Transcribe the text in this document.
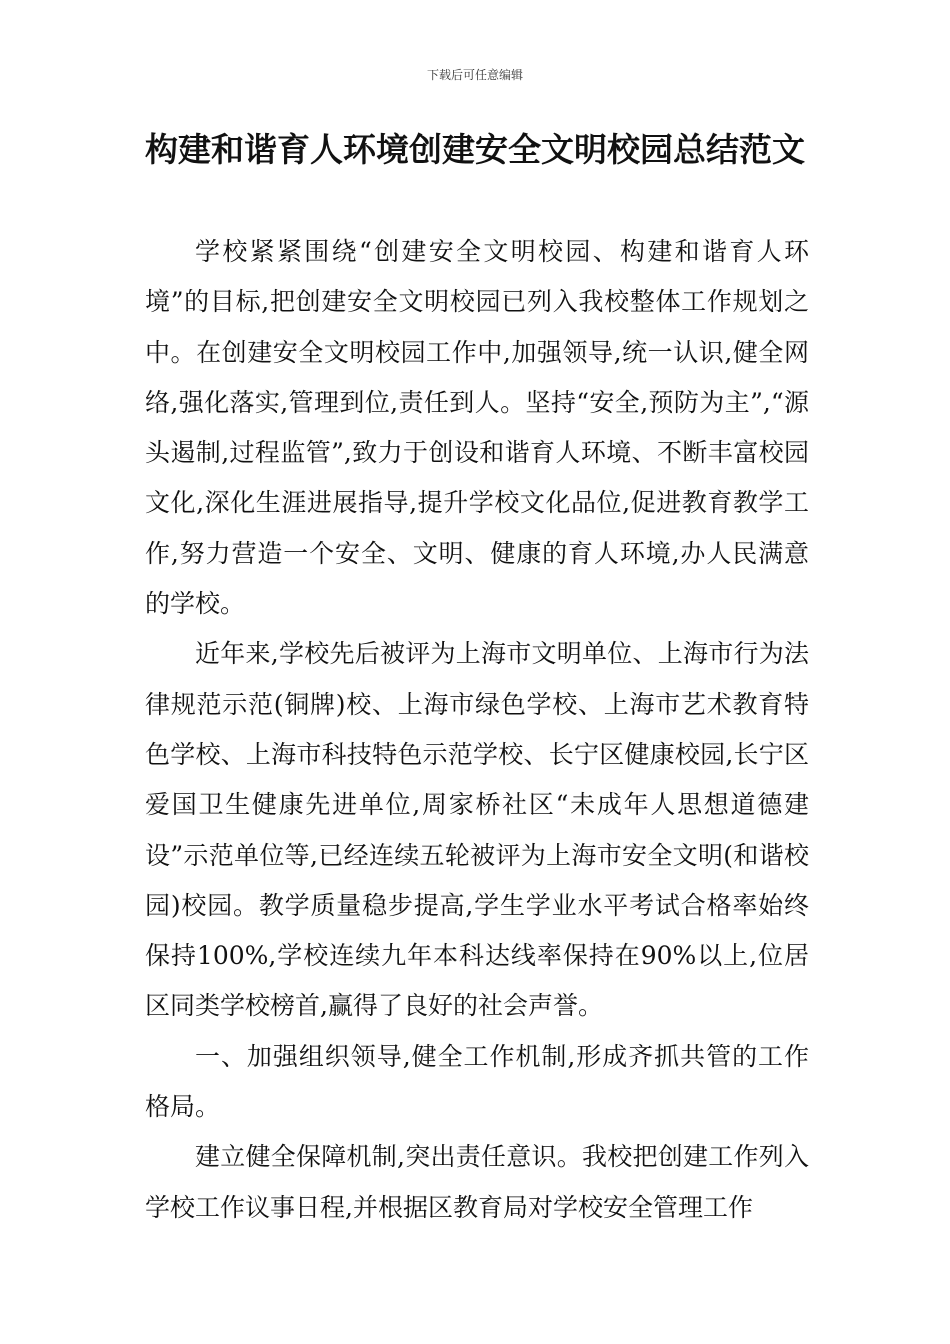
下载后可任意编辑
构建和谐育人环境创建安全文明校园总结范文

学校紧紧围绕“创建安全文明校园、构建和谐育人环境”的目标,把创建安全文明校园已列入我校整体工作规划之中。在创建安全文明校园工作中,加强领导,统一认识,健全网络,强化落实,管理到位,责任到人。坚持“安全,预防为主”,“源头遏制,过程监管”,致力于创设和谐育人环境、不断丰富校园文化,深化生涯进展指导,提升学校文化品位,促进教育教学工作,努力营造一个安全、文明、健康的育人环境,办人民满意的学校。

近年来,学校先后被评为上海市文明单位、上海市行为法律规范示范(铜牌)校、上海市绿色学校、上海市艺术教育特色学校、上海市科技特色示范学校、长宁区健康校园,长宁区爱国卫生健康先进单位,周家桥社区“未成年人思想道德建设”示范单位等,已经连续五轮被评为上海市安全文明(和谐校园)校园。教学质量稳步提高,学生学业水平考试合格率始终保持100%,学校连续九年本科达线率保持在90%以上,位居区同类学校榜首,赢得了良好的社会声誉。

一、加强组织领导,健全工作机制,形成齐抓共管的工作格局。

建立健全保障机制,突出责任意识。我校把创建工作列入学校工作议事日程,并根据区教育局对学校安全管理工作
